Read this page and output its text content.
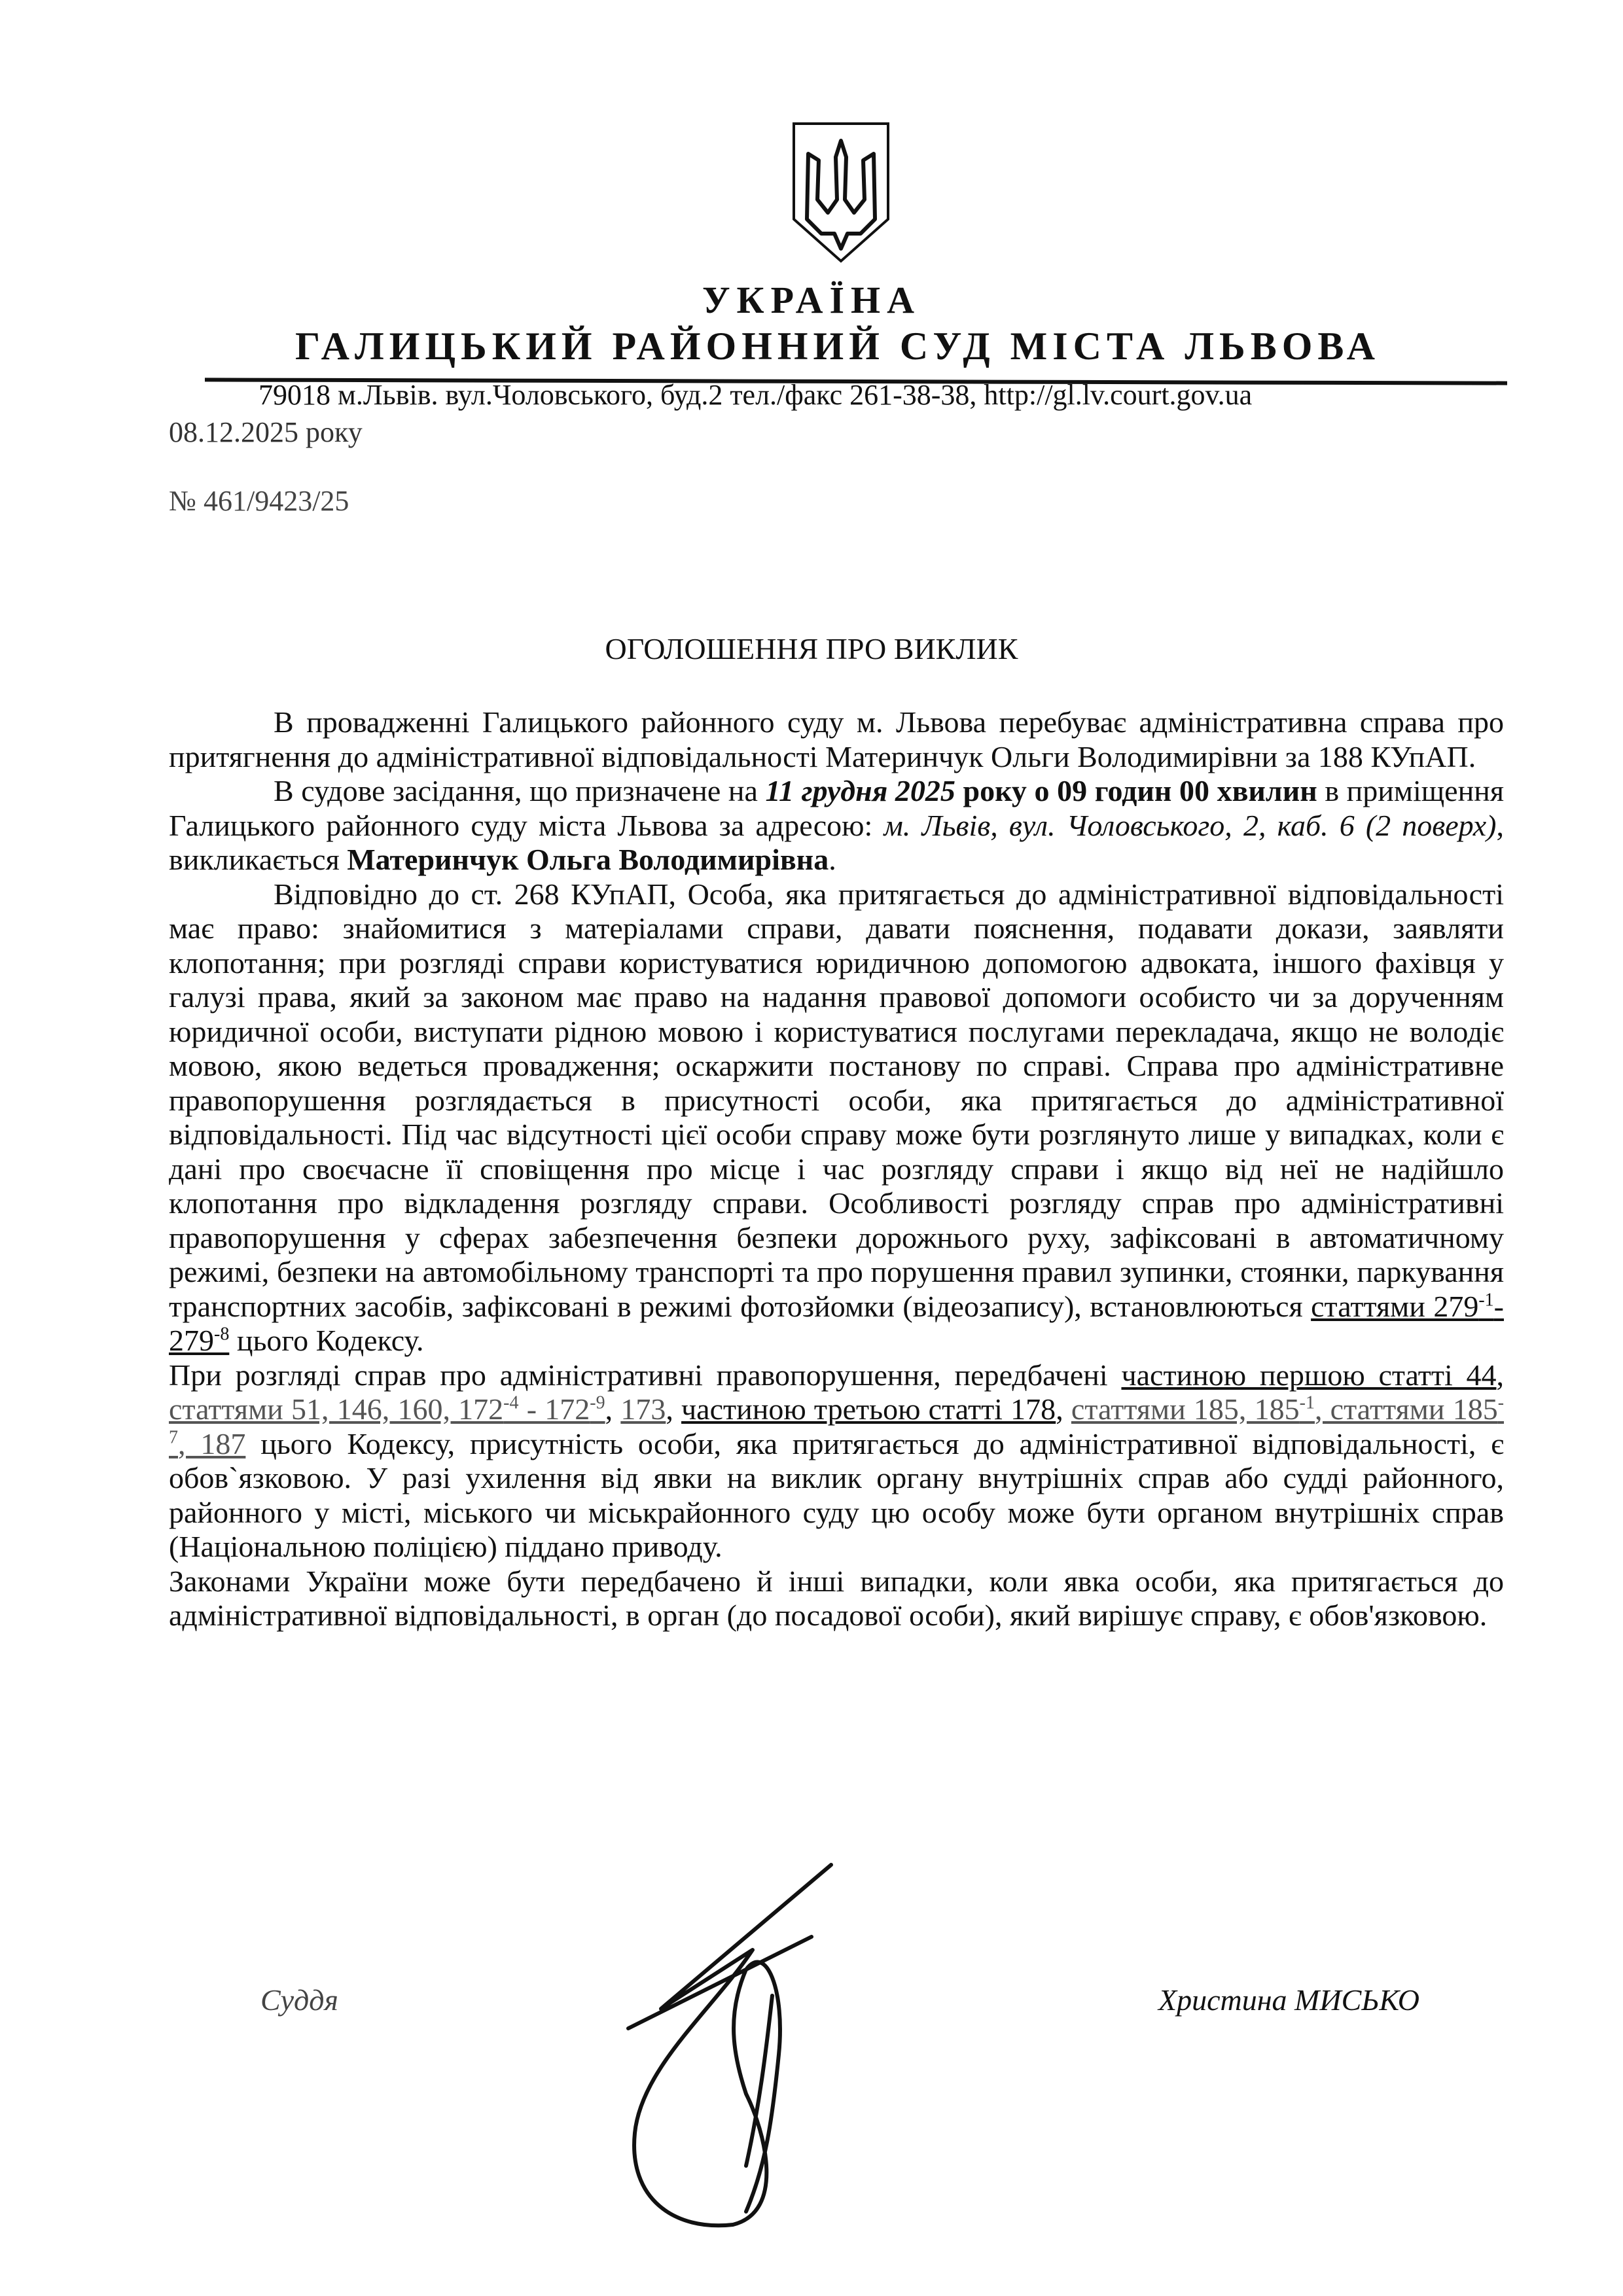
УКРАЇНА
ГАЛИЦЬКИЙ РАЙОННИЙ СУД МІСТА ЛЬВОВА
79018 м.Львів. вул.Чоловського, буд.2 тел./факс 261-38-38, http://gl.lv.court.gov.ua
08.12.2025 року
№ 461/9423/25
ОГОЛОШЕННЯ ПРО ВИКЛИК

В провадженні Галицького районного суду м. Львова перебуває адміністративна справа про притягнення до адміністративної відповідальності Материнчук Ольги Володимирівни за 188 КУпАП.

В судове засідання, що призначене на 11 грудня 2025 року о 09 годин 00 хвилин в приміщення Галицького районного суду міста Львова за адресою: м. Львів, вул. Чоловського, 2, каб. 6 (2 поверх), викликається Материнчук Ольга Володимирівна.

Відповідно до ст. 268 КУпАП, Особа, яка притягається до адміністративної відповідальності має право: знайомитися з матеріалами справи, давати пояснення, подавати докази, заявляти клопотання; при розгляді справи користуватися юридичною допомогою адвоката, іншого фахівця у галузі права, який за законом має право на надання правової допомоги особисто чи за дорученням юридичної особи, виступати рідною мовою і користуватися послугами перекладача, якщо не володіє мовою, якою ведеться провадження; оскаржити постанову по справі. Справа про адміністративне правопорушення розглядається в присутності особи, яка притягається до адміністративної відповідальності. Під час відсутності цієї особи справу може бути розглянуто лише у випадках, коли є дані про своєчасне її сповіщення про місце і час розгляду справи і якщо від неї не надійшло клопотання про відкладення розгляду справи. Особливості розгляду справ про адміністративні правопорушення у сферах забезпечення безпеки дорожнього руху, зафіксовані в автоматичному режимі, безпеки на автомобільному транспорті та про порушення правил зупинки, стоянки, паркування транспортних засобів, зафіксовані в режимі фотозйомки (відеозапису), встановлюються статтями $279^{-1}-279^{-8}$ цього Кодексу.

При розгляді справ про адміністративні правопорушення, передбачені частиною першою статті 44, статтями 51, 146, 160, $172^{-4} - 172^{-9}$, 173, частиною третьою статті 178, статтями 185, $185^{-1}$, статтями $185^{-7}$, 187 цього Кодексу, присутність особи, яка притягається до адміністративної відповідальності, є обов`язковою. У разі ухилення від явки на виклик органу внутрішніх справ або судді районного, районного у місті, міського чи міськрайонного суду цю особу може бути органом внутрішніх справ (Національною поліцією) піддано приводу.

Законами України може бути передбачено й інші випадки, коли явка особи, яка притягається до адміністративної відповідальності, в орган (до посадової особи), який вирішує справу, є обов'язковою.

Суддя	Христина МИСЬКО
